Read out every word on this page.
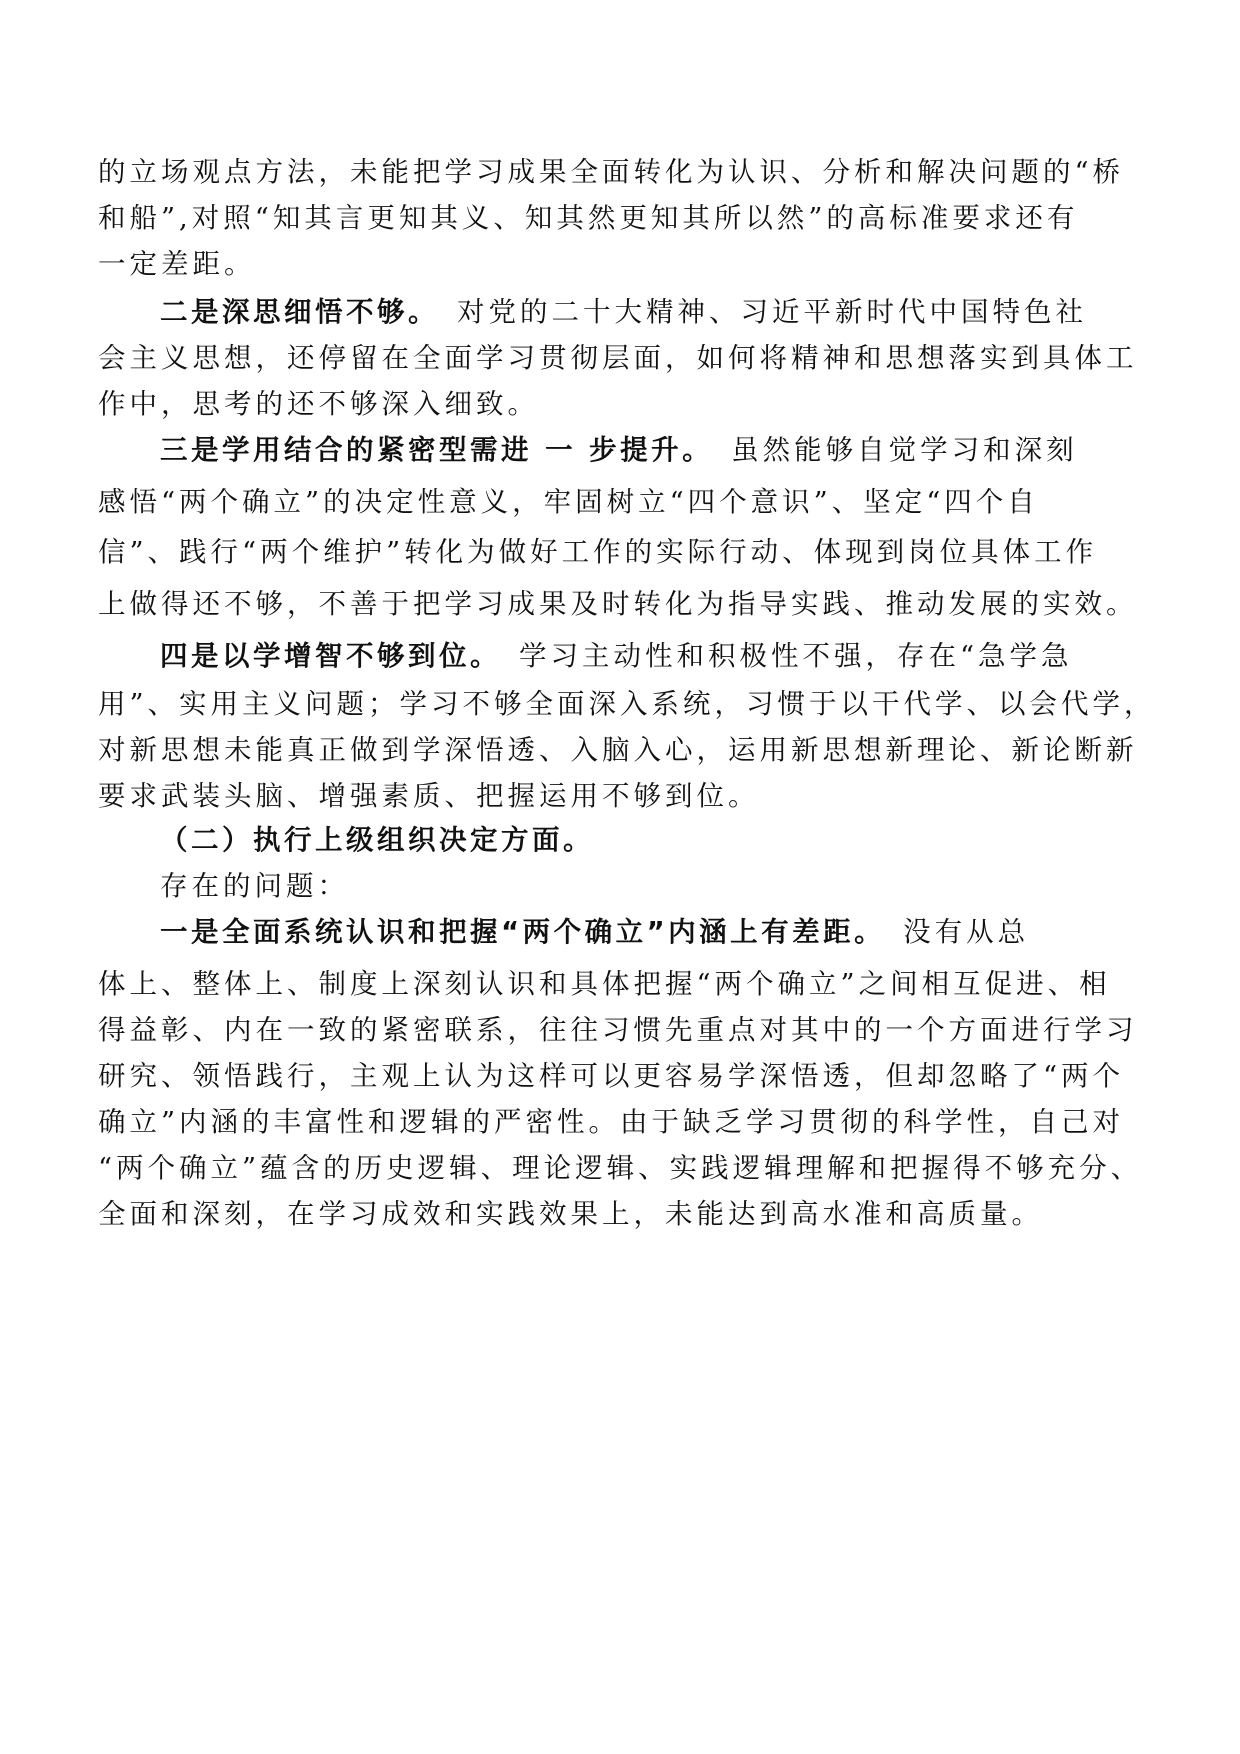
的立场观点方法，未能把学习成果全面转化为认识、分析和解决问题的“桥
和船”,对照“知其言更知其义、知其然更知其所以然”的高标准要求还有
一定差距。
二是深思细悟不够。 对党的二十大精神、习近平新时代中国特色社
会主义思想，还停留在全面学习贯彻层面，如何将精神和思想落实到具体工
作中，思考的还不够深入细致。
三是学用结合的紧密型需进 一 步提升。 虽然能够自觉学习和深刻
感悟“两个确立”的决定性意义，牢固树立“四个意识”、坚定“四个自
信”、践行“两个维护”转化为做好工作的实际行动、体现到岗位具体工作
上做得还不够，不善于把学习成果及时转化为指导实践、推动发展的实效。
四是以学增智不够到位。 学习主动性和积极性不强，存在“急学急
用”、实用主义问题；学习不够全面深入系统，习惯于以干代学、以会代学，
对新思想未能真正做到学深悟透、入脑入心，运用新思想新理论、新论断新
要求武装头脑、增强素质、把握运用不够到位。
（二）执行上级组织决定方面。
存在的问题：
一是全面系统认识和把握“两个确立”内涵上有差距。 没有从总
体上、整体上、制度上深刻认识和具体把握“两个确立”之间相互促进、相
得益彰、内在一致的紧密联系，往往习惯先重点对其中的一个方面进行学习
研究、领悟践行，主观上认为这样可以更容易学深悟透，但却忽略了“两个
确立”内涵的丰富性和逻辑的严密性。由于缺乏学习贯彻的科学性，自己对
“两个确立”蕴含的历史逻辑、理论逻辑、实践逻辑理解和把握得不够充分、
全面和深刻，在学习成效和实践效果上，未能达到高水准和高质量。
